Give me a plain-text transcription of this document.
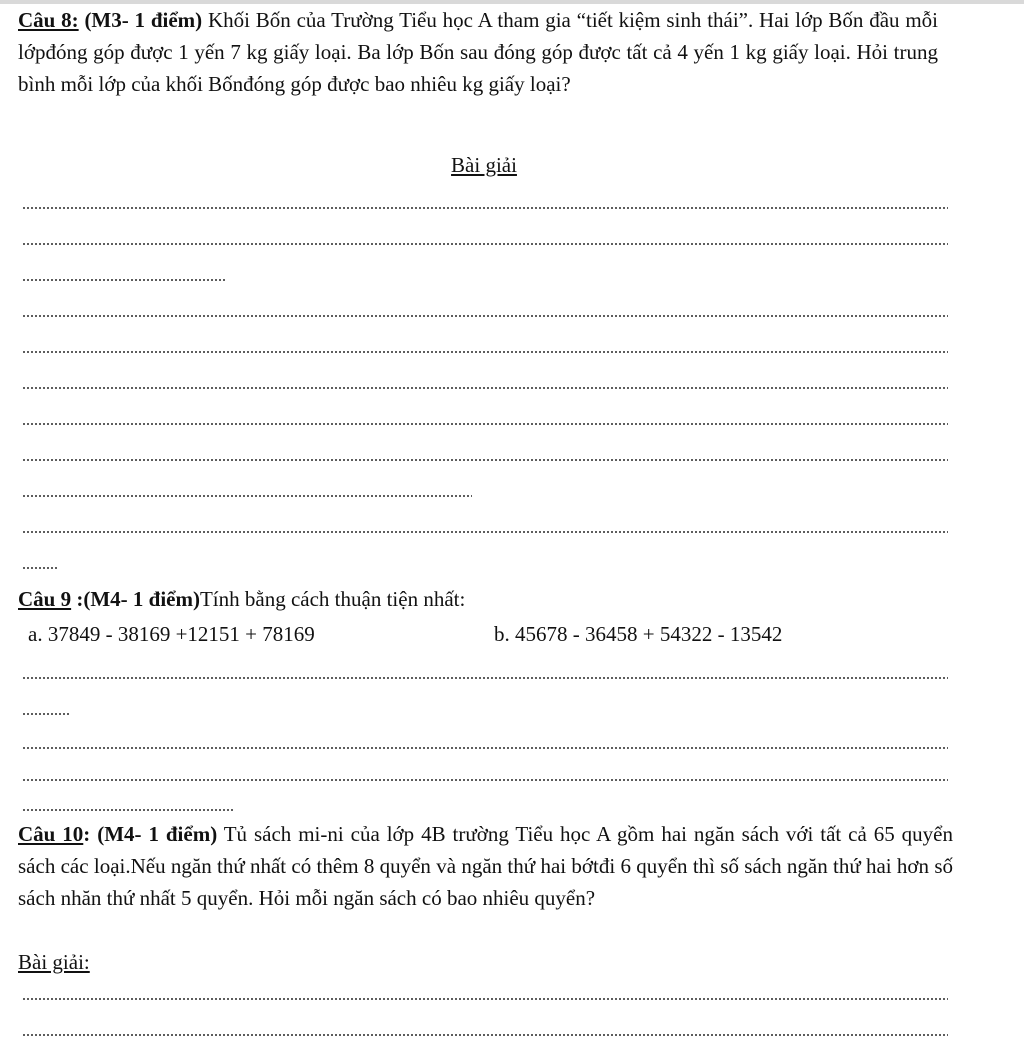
Câu 8: (M3- 1 điểm) Khối Bốn của Trường Tiểu học A tham gia “tiết kiệm sinh thái”. Hai lớp Bốn đầu mỗi lớpđóng góp được 1 yến 7 kg giấy loại. Ba lớp Bốn sau đóng góp được tất cả 4 yến 1 kg giấy loại. Hỏi trung bình mỗi lớp của khối Bốnđóng góp được bao nhiêu kg giấy loại?
Bài giải
Câu 9 :(M4- 1 điểm)Tính bằng cách thuận tiện nhất:
a. 37849 - 38169 +12151 + 78169	b. 45678 - 36458 + 54322 - 13542
Câu 10: (M4- 1 điểm) Tủ sách mi-ni của lớp 4B trường Tiểu học A gồm hai ngăn sách với tất cả 65 quyển sách các loại.Nếu ngăn thứ nhất có thêm 8 quyển và ngăn thứ hai bớtđi 6 quyển thì số sách ngăn thứ hai hơn số sách nhăn thứ nhất 5 quyển. Hỏi mỗi ngăn sách có bao nhiêu quyển?
Bài giải:
